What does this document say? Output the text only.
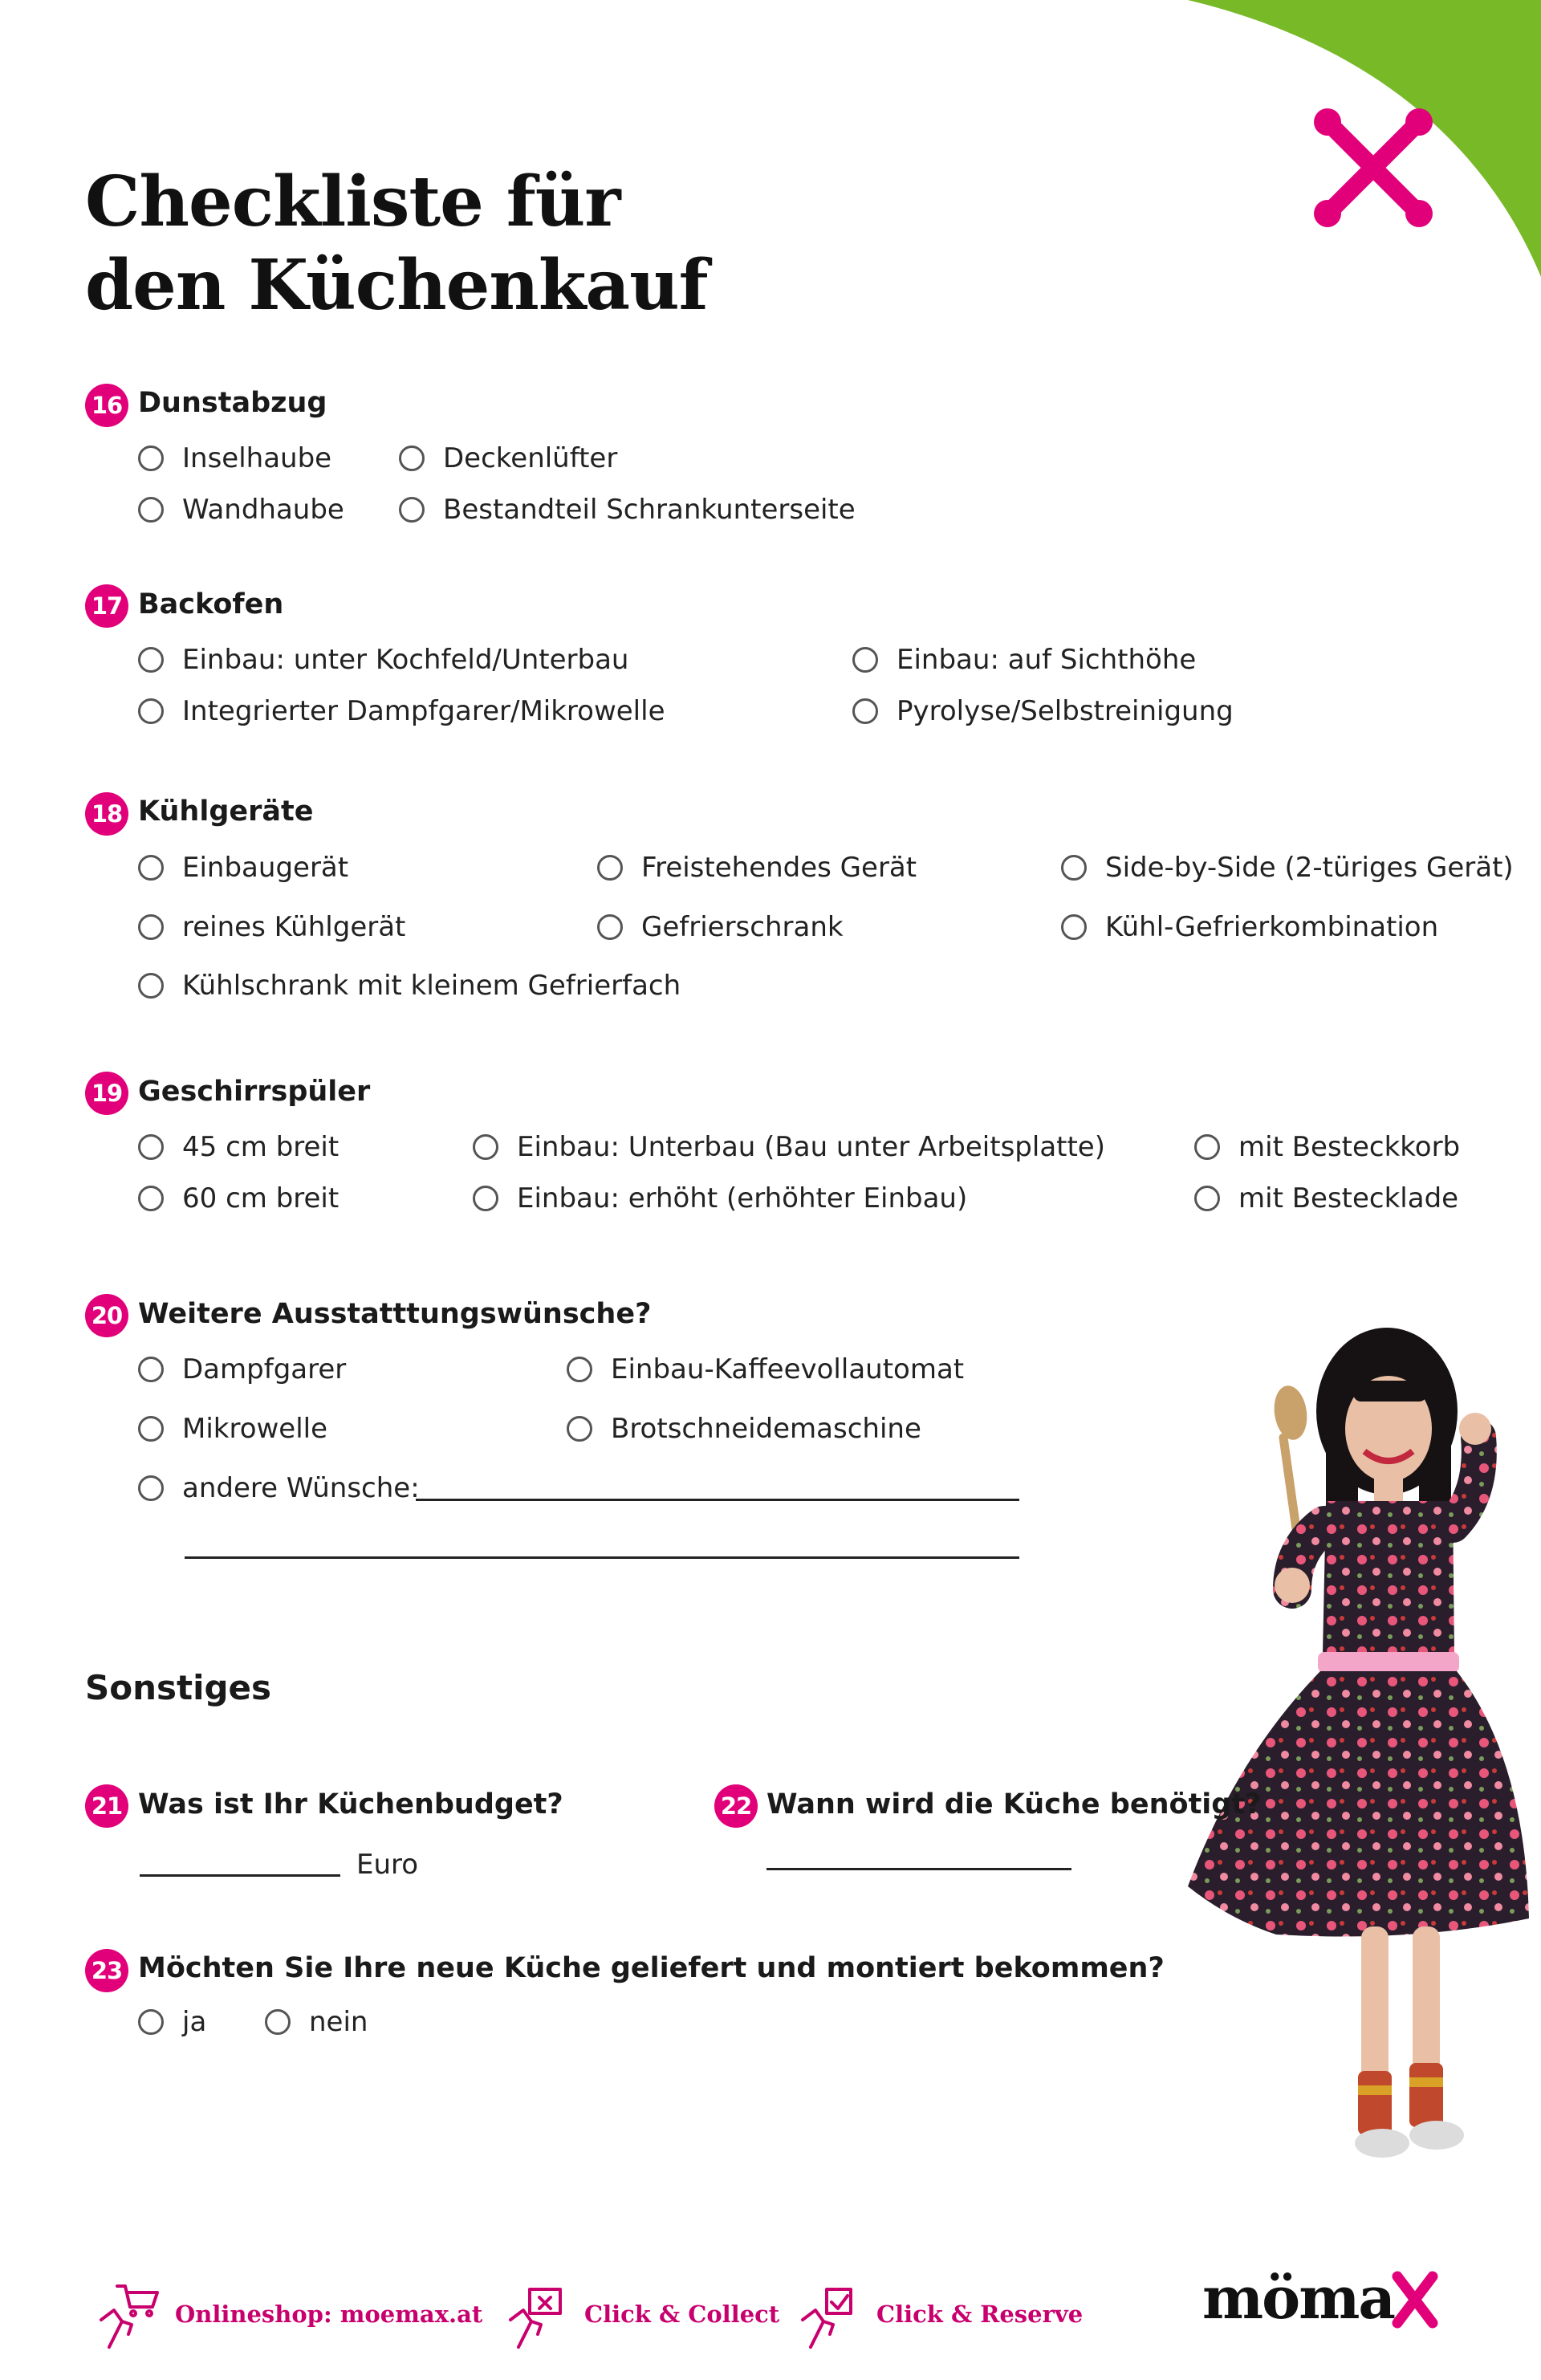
Checkliste für
den Küchenkauf
16 Dunstabzug
Inselhaube	Deckenlüfter
Wandhaube	Bestandteil Schrankunterseite
17 Backofen
Einbau: unter Kochfeld/Unterbau	Einbau: auf Sichthöhe
Integrierter Dampfgarer/Mikrowelle	Pyrolyse/Selbstreinigung
18 Kühlgeräte
Einbaugerät	Freistehendes Gerät	Side-by-Side (2-türiges Gerät)
reines Kühlgerät	Gefrierschrank	Kühl-Gefrierkombination
Kühlschrank mit kleinem Gefrierfach
19 Geschirrspüler
45 cm breit	Einbau: Unterbau (Bau unter Arbeitsplatte)	mit Besteckkorb
60 cm breit	Einbau: erhöht (erhöhter Einbau)	mit Bestecklade
20 Weitere Ausstatttungswünsche?
Dampfgarer	Einbau-Kaffeevollautomat
Mikrowelle	Brotschneidemaschine
andere Wünsche:
Sonstiges
21 Was ist Ihr Küchenbudget?
Euro
22 Wann wird die Küche benötigt?
23 Möchten Sie Ihre neue Küche geliefert und montiert bekommen?
ja	nein
Onlineshop: moemax.at	Click & Collect	Click & Reserve möma
